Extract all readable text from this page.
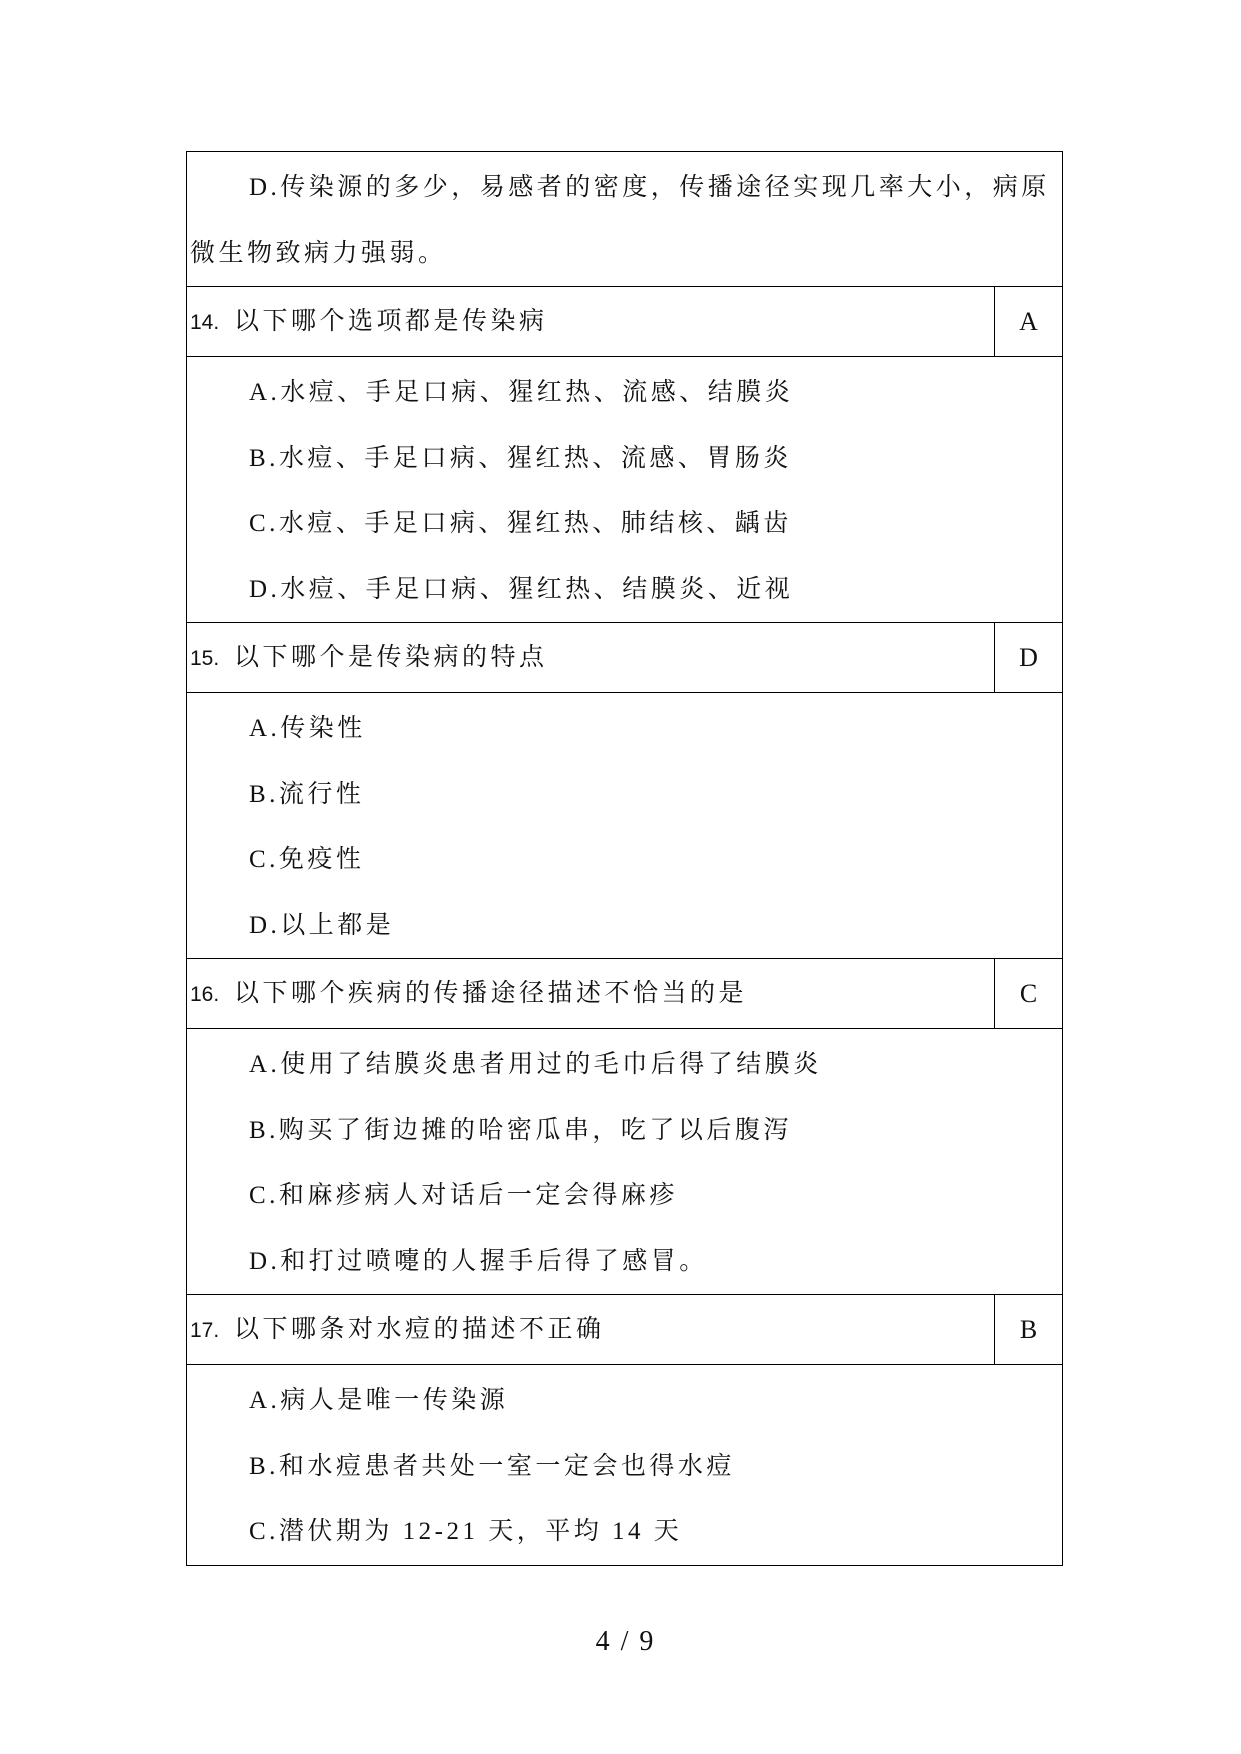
D.传染源的多少，易感者的密度，传播途径实现几率大小，病原
微生物致病力强弱。
14. 以下哪个选项都是传染病	A
A.水痘、手足口病、猩红热、流感、结膜炎
B.水痘、手足口病、猩红热、流感、胃肠炎
C.水痘、手足口病、猩红热、肺结核、龋齿
D.水痘、手足口病、猩红热、结膜炎、近视
15. 以下哪个是传染病的特点	D
A.传染性
B.流行性
C.免疫性
D.以上都是
16. 以下哪个疾病的传播途径描述不恰当的是	C
A.使用了结膜炎患者用过的毛巾后得了结膜炎
B.购买了街边摊的哈密瓜串，吃了以后腹泻
C.和麻疹病人对话后一定会得麻疹
D.和打过喷嚏的人握手后得了感冒。
17. 以下哪条对水痘的描述不正确	B
A.病人是唯一传染源
B.和水痘患者共处一室一定会也得水痘
C.潜伏期为 12-21 天，平均 14 天
4 / 9
